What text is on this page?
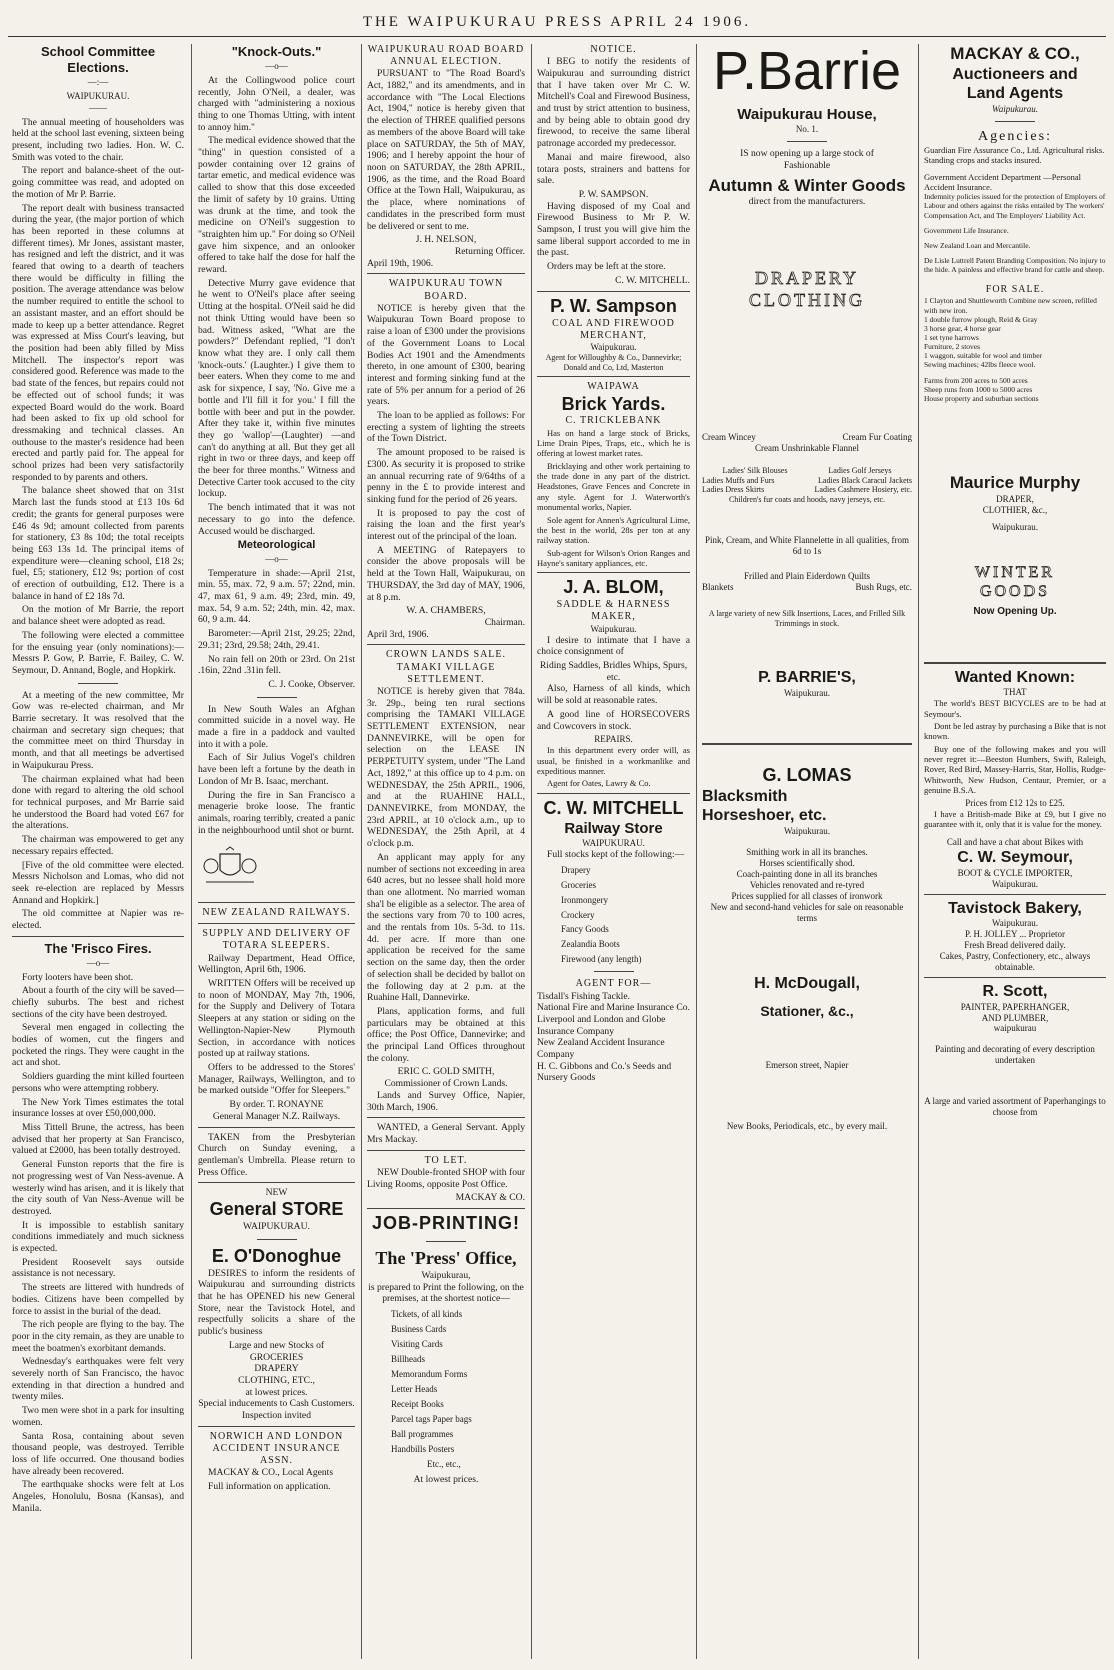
THE WAIPUKURAU PRESS APRIL 24 1906.
School Committee Elections.
—:—
WAIPUKURAU.
——

The annual meeting of householders was held at the school last evening, sixteen being present, including two ladies. Hon. W. C. Smith was voted to the chair.

The report and balance-sheet of the out-going committee was read, and adopted on the motion of Mr P. Barrie.

The report dealt with business transacted during the year, (the major portion of which has been reported in these columns at different times). Mr Jones, assistant master, has resigned and left the district, and it was feared that owing to a dearth of teachers there would be difficulty in filling the position. The average attendance was below the number required to entitle the school to an assistant master, and an effort should be made to keep up a better attendance. Regret was expressed at Miss Court's leaving, but the position had been ably filled by Miss Mitchell. The inspector's report was considered good. Reference was made to the bad state of the fences, but repairs could not be effected out of school funds; it was expected Board would do the work. Board had been asked to fix up old school for dressmaking and technical classes. An outhouse to the master's residence had been erected and partly paid for. The appeal for school prizes had been very satisfactorily responded to by parents and others.

The balance sheet showed that on 31st March last the funds stood at £13 10s 6d credit; the grants for general purposes were £46 4s 9d; amount collected from parents for stationery, £3 8s 10d; the total receipts being £63 13s 1d. The principal items of expenditure were—cleaning school, £18 2s; fuel, £5; stationery, £12 9s; portion of cost of erection of outbuilding, £12. There is a balance in hand of £2 18s 7d.

On the motion of Mr Barrie, the report and balance sheet were adopted as read.

The following were elected a committee for the ensuing year (only nominations):—Messrs P. Gow, P. Barrie, F. Bailey, C. W. Seymour, D. Annand, Bogle, and Hopkirk.

At a meeting of the new committee, Mr Gow was re-elected chairman, and Mr Barrie secretary. It was resolved that the chairman and secretary sign cheques; that the committee meet on third Thursday in month, and that all meetings be advertised in Waipukurau Press.

The chairman explained what had been done with regard to altering the old school for technical purposes, and Mr Barrie said he understood the Board had voted £67 for the alterations.

The chairman was empowered to get any necessary repairs effected.

[Five of the old committee were elected. Messrs Nicholson and Lomas, who did not seek re-election are replaced by Messrs Annand and Hopkirk.]

The old committee at Napier was re-elected.

The 'Frisco Fires.
—o—

Forty looters have been shot.

About a fourth of the city will be saved—chiefly suburbs. The best and richest sections of the city have been destroyed.

Several men engaged in collecting the bodies of women, cut the fingers and pocketed the rings. They were caught in the act and shot.

Soldiers guarding the mint killed fourteen persons who were attempting robbery.

The New York Times estimates the total insurance losses at over £50,000,000.

Miss Tittell Brune, the actress, has been advised that her property at San Francisco, valued at £2000, has been totally destroyed.

General Funston reports that the fire is not progressing west of Van Ness-avenue. A westerly wind has arisen, and it is likely that the city south of Van Ness-Avenue will be destroyed.

It is impossible to establish sanitary conditions immediately and much sickness is expected.

President Roosevelt says outside assistance is not necessary.

The streets are littered with hundreds of bodies. Citizens have been compelled by force to assist in the burial of the dead.

The rich people are flying to the bay. The poor in the city remain, as they are unable to meet the boatmen's exorbitant demands.

Wednesday's earthquakes were felt very severely north of San Francisco, the havoc extending in that direction a hundred and twenty miles.

Two men were shot in a park for insulting women.

Santa Rosa, containing about seven thousand people, was destroyed. Terrible loss of life occurred. One thousand bodies have already been recovered.

The earthquake shocks were felt at Los Angeles, Honolulu, Bosna (Kansas), and Manila.

"Knock-Outs."
—o—

At the Collingwood police court recently, John O'Neil, a dealer, was charged with "administering a noxious thing to one Thomas Utting, with intent to annoy him."

The medical evidence showed that the "thing" in question consisted of a powder containing over 12 grains of tartar emetic, and medical evidence was called to show that this dose exceeded the limit of safety by 10 grains. Utting was drunk at the time, and took the medicine on O'Neil's suggestion to "straighten him up." For doing so O'Neil gave him sixpence, and an onlooker offered to take half the dose for half the reward.

Detective Murry gave evidence that he went to O'Neil's place after seeing Utting at the hospital. O'Neil said he did not think Utting would have been so bad. Witness asked, "What are the powders?" Defendant replied, "I don't know what they are. I only call them 'knock-outs.' (Laughter.) I give them to beer eaters. When they come to me and ask for sixpence, I say, 'No. Give me a bottle and I'll fill it for you.' I fill the bottle with beer and put in the powder. After they take it, within five minutes they go 'wallop'—(Laughter) —and can't do anything at all. But they get all right in two or three days, and keep off the beer for three months." Witness and Detective Carter took accused to the city lockup.

The bench intimated that it was not necessary to go into the defence. Accused would be discharged.

Meteorological
—o—

Temperature in shade:—April 21st, min. 55, max. 72, 9 a.m. 57; 22nd, min. 47, max 61, 9 a.m. 49; 23rd, min. 49, max. 54, 9 a.m. 52; 24th, min. 42, max. 60, 9 a.m. 44.

Barometer:—April 21st, 29.25; 22nd, 29.31; 23rd, 29.58; 24th, 29.41.

No rain fell on 20th or 23rd. On 21st .16in, 22nd .31in fell.

C. J. Cooke, Observer.

In New South Wales an Afghan committed suicide in a novel way. He made a fire in a paddock and vaulted into it with a pole.

Each of Sir Julius Vogel's children have been left a fortune by the death in London of Mr B. Isaac, merchant.

During the fire in San Francisco a menagerie broke loose. The frantic animals, roaring terribly, created a panic in the neighbourhood until shot or burnt.

NEW ZEALAND RAILWAYS.
SUPPLY AND DELIVERY OF TOTARA SLEEPERS.

Railway Department, Head Office, Wellington, April 6th, 1906.

WRITTEN Offers will be received up to noon of MONDAY, May 7th, 1906, for the Supply and Delivery of Totara Sleepers at any station or siding on the Wellington-Napier-New Plymouth Section, in accordance with notices posted up at railway stations.

Offers to be addressed to the Stores' Manager, Railways, Wellington, and to be marked outside "Offer for Sleepers."

By order. T. RONAYNE
General Manager N.Z. Railways.

TAKEN from the Presbyterian Church on Sunday evening, a gentleman's Umbrella. Please return to Press Office.

NEW
General STORE
WAIPUKURAU.
E. O'Donoghue

DESIRES to inform the residents of Waipukurau and surrounding districts that he has OPENED his new General Store, near the Tavistock Hotel, and respectfully solicits a share of the public's business

Large and new Stocks of
GROCERIES
DRAPERY
CLOTHING, ETC.,
at lowest prices.
Special inducements to Cash Customers.
Inspection invited
NORWICH AND LONDON ACCIDENT INSURANCE ASSN.

MACKAY & CO., Local Agents

Full information on application.

WAIPUKURAU ROAD BOARD
ANNUAL ELECTION.

PURSUANT to "The Road Board's Act, 1882," and its amendments, and in accordance with "The Local Elections Act, 1904," notice is hereby given that the election of THREE qualified persons as members of the above Board will take place on SATURDAY, the 5th of MAY, 1906; and I hereby appoint the hour of noon on SATURDAY, the 28th APRIL, 1906, as the time, and the Road Board Office at the Town Hall, Waipukurau, as the place, where nominations of candidates in the prescribed form must be delivered or sent to me.

J. H. NELSON,
Returning Officer.
April 19th, 1906.
WAIPUKURAU TOWN BOARD.

NOTICE is hereby given that the Waipukurau Town Board propose to raise a loan of £300 under the provisions of the Government Loans to Local Bodies Act 1901 and the Amendments thereto, in one amount of £300, bearing interest and forming sinking fund at the rate of 5% per annum for a period of 26 years.

The loan to be applied as follows: For erecting a system of lighting the streets of the Town District.

The amount proposed to be raised is £300. As security it is proposed to strike an annual recurring rate of 9/64ths of a penny in the £ to provide interest and sinking fund for the period of 26 years.

It is proposed to pay the cost of raising the loan and the first year's interest out of the principal of the loan.

A MEETING of Ratepayers to consider the above proposals will be held at the Town Hall, Waipukurau, on THURSDAY, the 3rd day of MAY, 1906, at 8 p.m.

W. A. CHAMBERS,
Chairman.
April 3rd, 1906.
CROWN LANDS SALE.
TAMAKI VILLAGE SETTLEMENT.

NOTICE is hereby given that 784a. 3r. 29p., being ten rural sections comprising the TAMAKI VILLAGE SETTLEMENT EXTENSION, near DANNEVIRKE, will be open for selection on the LEASE IN PERPETUITY system, under "The Land Act, 1892," at this office up to 4 p.m. on WEDNESDAY, the 25th APRIL, 1906, and at the RUAHINE HALL, DANNEVIRKE, from MONDAY, the 23rd APRIL, at 10 o'clock a.m., up to WEDNESDAY, the 25th April, at 4 o'clock p.m.

An applicant may apply for any number of sections not exceeding in area 640 acres, but no lessee shall hold more than one allotment. No married woman sha'l be eligible as a selector. The area of the sections vary from 70 to 100 acres, and the rentals from 10s. 5-3d. to 11s. 4d. per acre. If more than one application be received for the same section on the same day, then the order of selection shall be decided by ballot on the following day at 2 p.m. at the Ruahine Hall, Dannevirke.

Plans, application forms, and full particulars may be obtained at this office; the Post Office, Dannevirke; and the principal Land Offices throughout the colony.

ERIC C. GOLD SMITH,
Commissioner of Crown Lands.

Lands and Survey Office, Napier, 30th March, 1906.

WANTED, a General Servant. Apply Mrs Mackay.

TO LET.

NEW Double-fronted SHOP with four Living Rooms, opposite Post Office.

MACKAY & CO.
JOB-PRINTING!
The 'Press' Office,
Waipukurau,
is prepared to Print the following, on the premises, at the shortest notice—
Tickets, of all kinds
Business Cards
Visiting Cards
Billheads
Memorandum Forms
Letter Heads
Receipt Books
Parcel tags Paper bags
Ball programmes
Handbills Posters
Etc., etc.,
At lowest prices.
NOTICE.

I BEG to notify the residents of Waipukurau and surrounding district that I have taken over Mr C. W. Mitchell's Coal and Firewood Business, and trust by strict attention to business, and by being able to obtain good dry firewood, to receive the same liberal patronage accorded my predecessor.

Manai and maire firewood, also totara posts, strainers and battens for sale.

P. W. SAMPSON.

Having disposed of my Coal and Firewood Business to Mr P. W. Sampson, I trust you will give him the same liberal support accorded to me in the past.

Orders may be left at the store.

C. W. MITCHELL.
P. W. Sampson
COAL AND FIREWOOD MERCHANT,
Waipukurau.
Agent for Willoughby & Co., Dannevirke; Donald and Co, Ltd, Masterton
WAIPAWA
Brick Yards.
C. TRICKLEBANK

Has on hand a large stock of Bricks, Lime Drain Pipes, Traps, etc., which he is offering at lowest market rates.

Bricklaying and other work pertaining to the trade done in any part of the district. Headstones, Grave Fences and Concrete in any style. Agent for J. Waterworth's monumental works, Napier.

Sole agent for Annen's Agricultural Lime, the best in the world, 28s per ton at any railway station.

Sub-agent for Wilson's Orion Ranges and Hayne's sanitary appliances, etc.

J. A. BLOM,
SADDLE & HARNESS MAKER,
Waipukurau.

I desire to intimate that I have a choice consignment of

Riding Saddles, Bridles Whips, Spurs, etc.

Also, Harness of all kinds, which will be sold at reasonable rates.

A good line of HORSECOVERS and Cowcovers in stock.

REPAIRS.

In this department every order will, as usual, be finished in a workmanlike and expeditious manner.

Agent for Oates, Lawry & Co.

C. W. MITCHELL
Railway Store
WAIPUKURAU.

Full stocks kept of the following:—

Drapery
Groceries
Ironmongery
Crockery
Fancy Goods
Zealandia Boots
Firewood (any length)
AGENT FOR—
Tisdall's Fishing Tackle.
National Fire and Marine Insurance Co.
Liverpool and London and Globe Insurance Company
New Zealand Accident Insurance Company
H. C. Gibbons and Co.'s Seeds and Nursery Goods
P.Barrie
Waipukurau House,
No. 1.
IS now opening up a large stock of
Fashionable
Autumn & Winter Goods
direct from the manufacturers.
DRAPERY
CLOTHING
Cream Wincey	Cream Fur Coating
Cream Unshrinkable Flannel
Ladies' Silk Blouses	Ladies Golf Jerseys
Ladies Muffs and Furs	Ladies Black Caracul Jackets
Ladies Dress Skirts	Ladies Cashmere Hosiery, etc.
Children's fur coats and hoods, navy jerseys, etc.
Pink, Cream, and White Flannelette in all qualities, from 6d to 1s
Frilled and Plain Eiderdown Quilts
Blankets	Bush Rugs, etc.
A large variety of new Silk Insertions, Laces, and Frilled Silk Trimmings in stock.
P. BARRIE'S,
Waipukurau.
G. LOMAS
Blacksmith
Horseshoer, etc.
Waipukurau.
Smithing work in all its branches.
Horses scientifically shod.
Coach-painting done in all its branches
Vehicles renovated and re-tyred
Prices supplied for all classes of ironwork
New and second-hand vehicles for sale on reasonable terms
H. McDougall,
Stationer, &c.,
Emerson street, Napier
New Books, Periodicals, etc., by every mail.
MACKAY & CO.,
Auctioneers and
Land Agents
Waipukurau.
Agencies:
Guardian Fire Assurance Co., Ltd. Agricultural risks. Standing crops and stacks insured.
Government Accident Department —Personal Accident Insurance.
Indemnity policies issued for the protection of Employers of Labour and others against the risks entailed by The workers' Compensation Act, and The Employers' Liability Act.
Government Life Insurance.
New Zealand Loan and Mercantile.
De Lisle Luttrell Patent Branding Composition. No injury to the hide. A painless and effective brand for cattle and sheep.
FOR SALE.
1 Clayton and Shuttleworth Combine new screen, refilled with new iron.
1 double furrow plough, Reid & Gray
3 horse gear, 4 horse gear
1 set tyne harrows
Furniture, 2 stoves
1 waggon, suitable for wool and timber
Sewing machines; 42lbs fleece wool.
Farms from 200 acres to 500 acres
Sheep runs from 1000 to 5000 acres
House property and suburban sections
Maurice Murphy
DRAPER,
CLOTHIER, &c.,
Waipukurau.
WINTER
GOODS
Now Opening Up.
Wanted Known:
THAT

The world's BEST BICYCLES are to be had at Seymour's.

Dont be led astray by purchasing a Bike that is not known.

Buy one of the following makes and you will never regret it:—Beeston Humbers, Swift, Raleigh, Rover, Red Bird, Massey-Harris, Star, Hollis, Rudge-Whitworth, New Hudson, Centaur, Premier, or a genuine B.S.A.

Prices from £12 12s to £25.

I have a British-made Bike at £9, but I give no guarantee with it, only that it is value for the money.

Call and have a chat about Bikes with
C. W. Seymour,
BOOT & CYCLE IMPORTER,
Waipukurau.
Tavistock Bakery,
Waipukurau.
P. H. JOLLEY ... Proprietor
Fresh Bread delivered daily.
Cakes, Pastry, Confectionery, etc., always obtainable.
R. Scott,
PAINTER, PAPERHANGER,
AND PLUMBER,
waipukurau
Painting and decorating of every description undertaken
A large and varied assortment of Paperhangings to choose from
